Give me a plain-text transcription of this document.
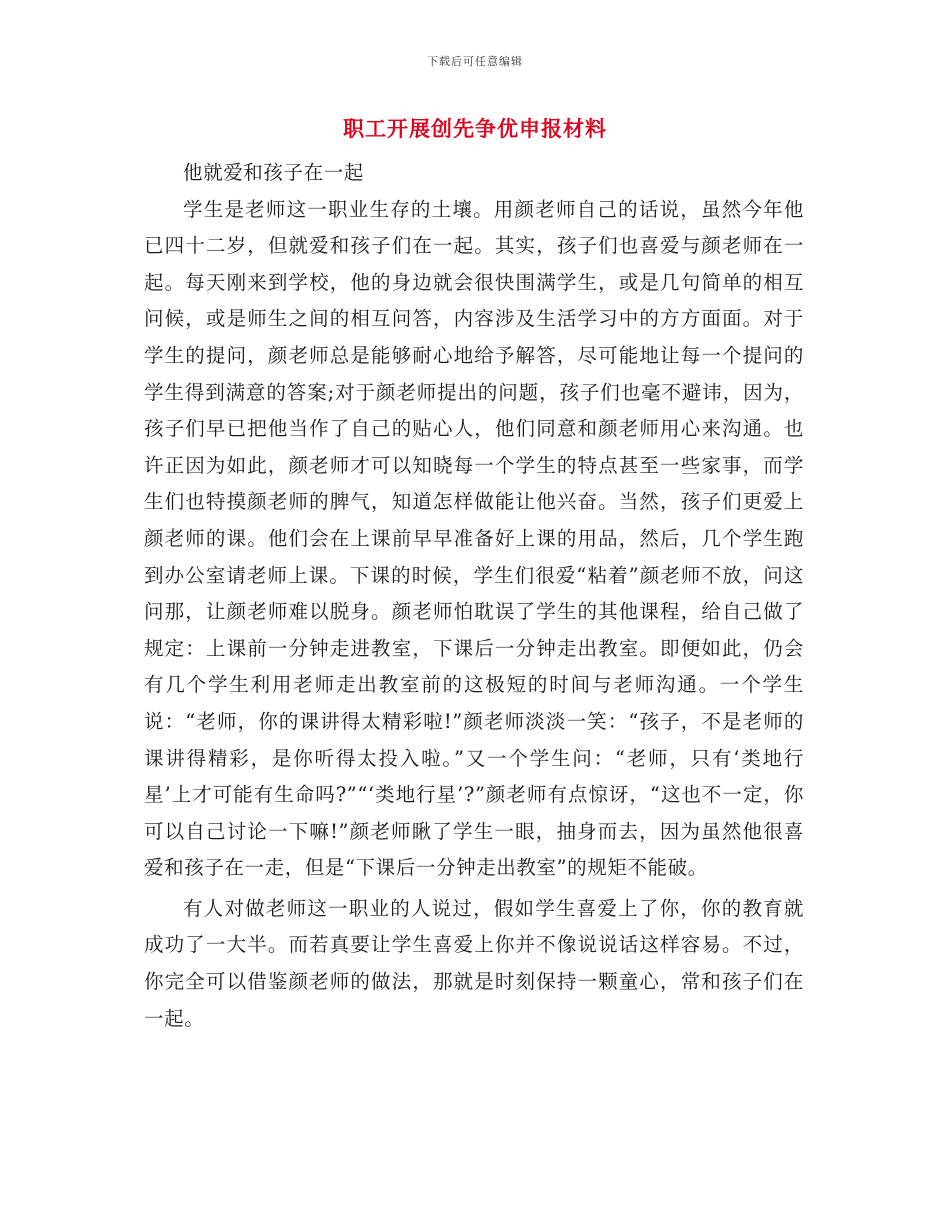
下载后可任意编辑
职工开展创先争优申报材料

他就爱和孩子在一起

学生是老师这一职业生存的土壤。用颜老师自己的话说，虽然今年他已四十二岁，但就爱和孩子们在一起。其实，孩子们也喜爱与颜老师在一起。每天刚来到学校，他的身边就会很快围满学生，或是几句简单的相互问候，或是师生之间的相互问答，内容涉及生活学习中的方方面面。对于学生的提问，颜老师总是能够耐心地给予解答，尽可能地让每一个提问的学生得到满意的答案;对于颜老师提出的问题，孩子们也毫不避讳，因为，孩子们早已把他当作了自己的贴心人，他们同意和颜老师用心来沟通。也许正因为如此，颜老师才可以知晓每一个学生的特点甚至一些家事，而学生们也特摸颜老师的脾气，知道怎样做能让他兴奋。当然，孩子们更爱上颜老师的课。他们会在上课前早早准备好上课的用品，然后，几个学生跑到办公室请老师上课。下课的时候，学生们很爱“粘着”颜老师不放，问这问那，让颜老师难以脱身。颜老师怕耽误了学生的其他课程，给自己做了规定：上课前一分钟走进教室，下课后一分钟走出教室。即便如此，仍会有几个学生利用老师走出教室前的这极短的时间与老师沟通。一个学生说：“老师，你的课讲得太精彩啦!”颜老师淡淡一笑：“孩子，不是老师的课讲得精彩，是你听得太投入啦。”又一个学生问：“老师，只有‘类地行星’上才可能有生命吗?”“‘类地行星’?”颜老师有点惊讶，“这也不一定，你可以自己讨论一下嘛!”颜老师瞅了学生一眼，抽身而去，因为虽然他很喜爱和孩子在一走，但是“下课后一分钟走出教室”的规矩不能破。

有人对做老师这一职业的人说过，假如学生喜爱上了你，你的教育就成功了一大半。而若真要让学生喜爱上你并不像说说话这样容易。不过，你完全可以借鉴颜老师的做法，那就是时刻保持一颗童心，常和孩子们在一起。
